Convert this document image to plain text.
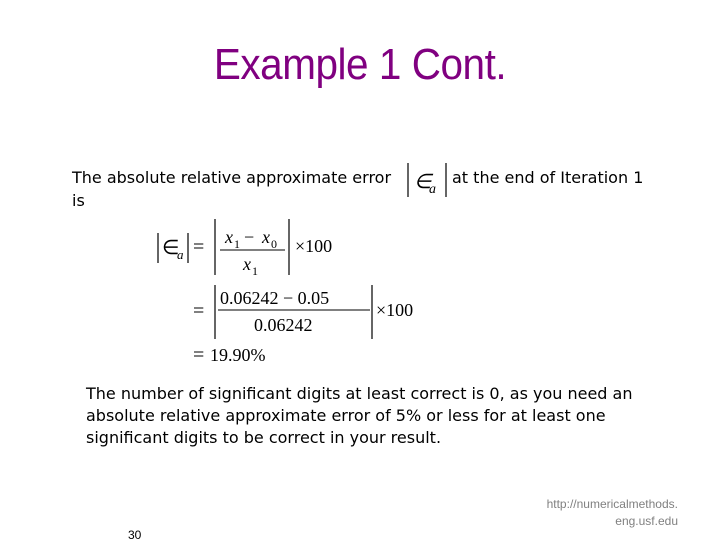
Example 1 Cont.
The absolute relative approximate error ∈
a
at the end of Iteration 1
is
∈
a = x 1 − x 0
x 1
×100
=
0.06242 − 0.05
0.06242
×100
= 19.90%
The number of significant digits at least correct is 0, as you need an absolute relative approximate error of 5% or less for at least one significant digits to be correct in your result.
30
http://numericalmethods.
eng.usf.edu
